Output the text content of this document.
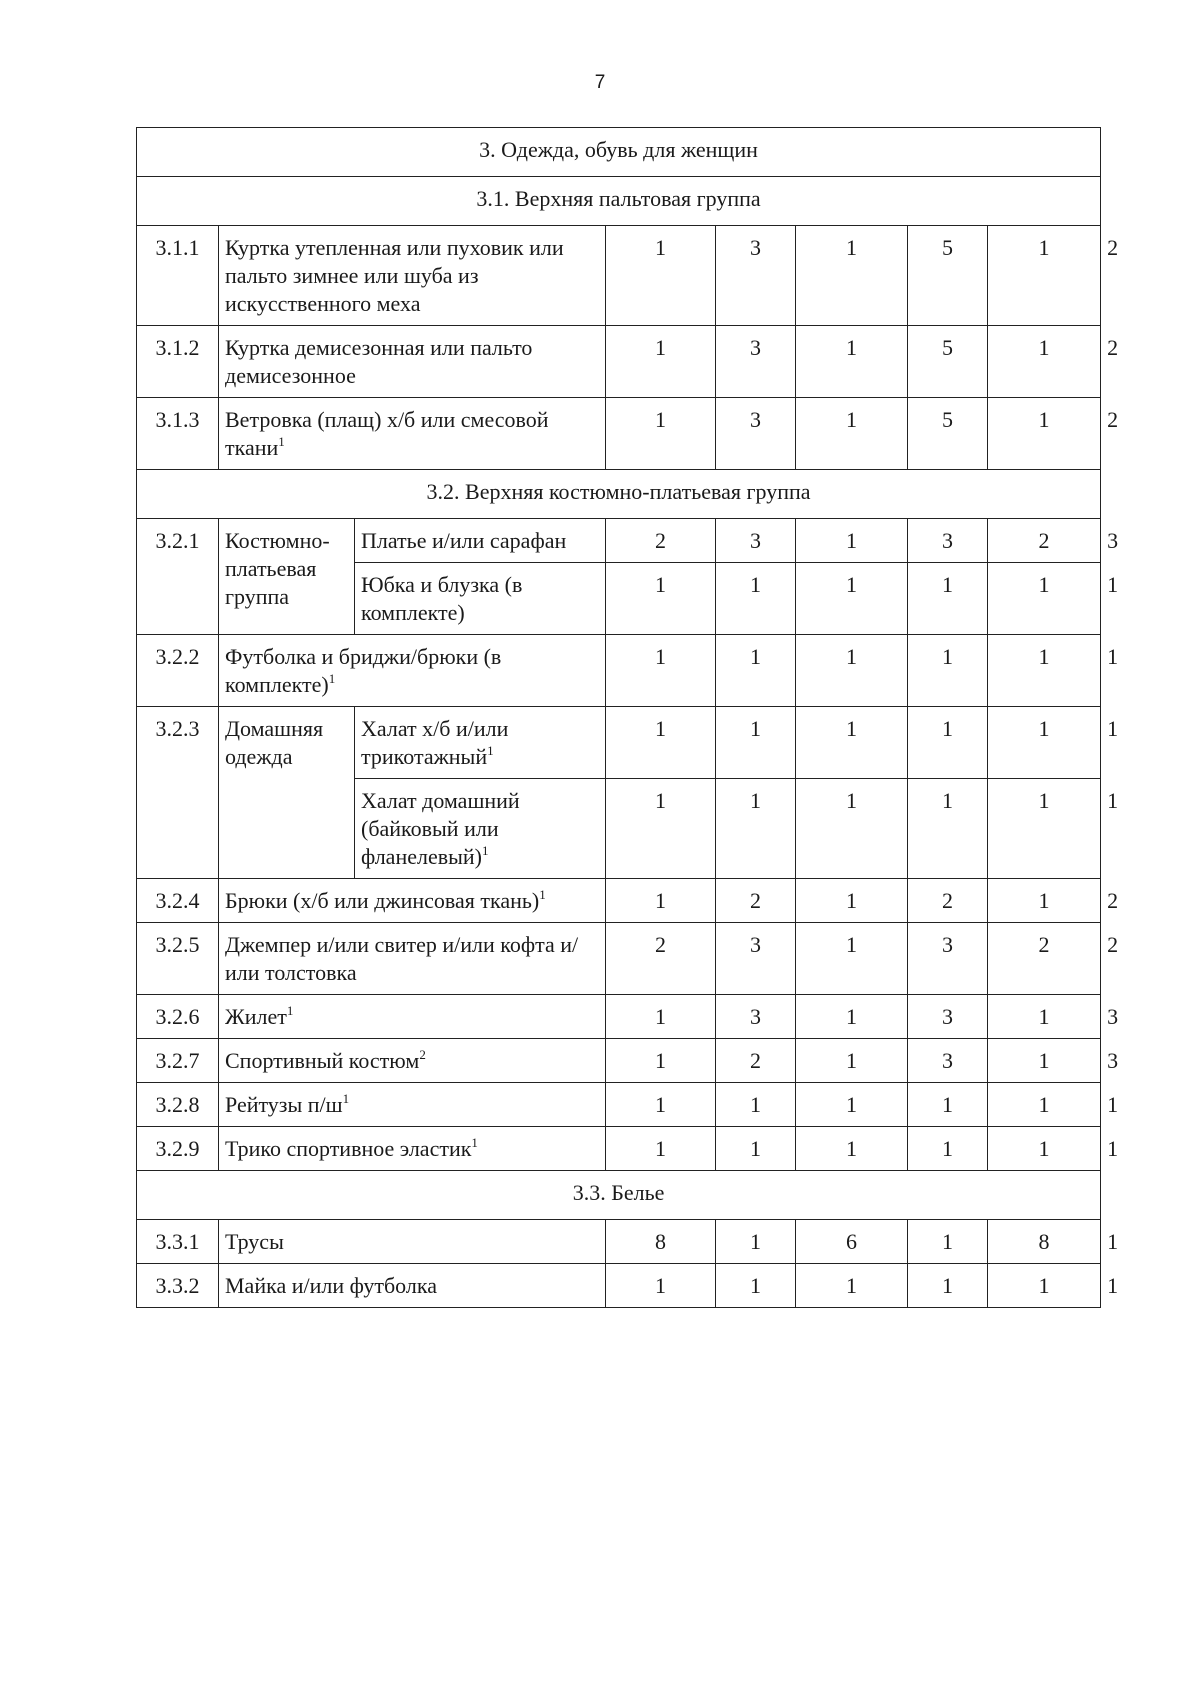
7
3. Одежда, обувь для женщин								
3.1. Верхняя пальтовая группа								
3.1.1	Куртка утепленная или пуховик или пальто зимнее или шуба из искусственного меха		1	3	1	5	1	2
3.1.2	Куртка демисезонная или пальто демисезонное		1	3	1	5	1	2
3.1.3	Ветровка (плащ) х/б или смесовой ткани$^1$		1	3	1	5	1	2
3.2. Верхняя костюмно-платьевая группа								
3.2.1	Костюмно-платьевая группа	Платье и/или сарафан	2	3	1	3	2	3
		Юбка и блузка (в комплекте)	1	1	1	1	1	1
3.2.2	Футболка и бриджи/брюки (в комплекте)$^1$		1	1	1	1	1	1
3.2.3	Домашняя одежда	Халат х/б и/или трикотажный$^1$	1	1	1	1	1	1
		Халат домашний (байковый или фланелевый)$^1$	1	1	1	1	1	1
3.2.4	Брюки (х/б или джинсовая ткань)$^1$		1	2	1	2	1	2
3.2.5	Джемпер и/или свитер и/или кофта и/или толстовка		2	3	1	3	2	2
3.2.6	Жилет$^1$		1	3	1	3	1	3
3.2.7	Спортивный костюм$^2$		1	2	1	3	1	3
3.2.8	Рейтузы п/ш$^1$		1	1	1	1	1	1
3.2.9	Трико спортивное эластик$^1$		1	1	1	1	1	1
3.3. Белье								
3.3.1	Трусы		8	1	6	1	8	1
3.3.2	Майка и/или футболка		1	1	1	1	1	1
